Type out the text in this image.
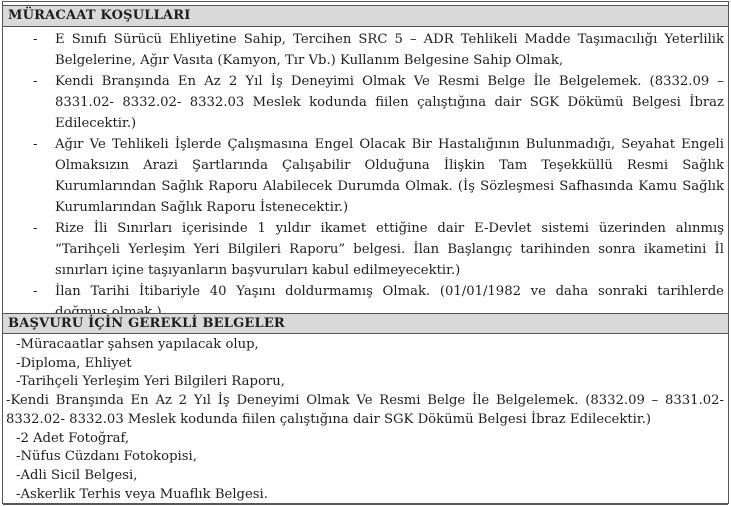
MÜRACAAT KOŞULLARI
- E Sınıfı Sürücü Ehliyetine Sahip, Tercihen SRC 5 – ADR Tehlikeli Madde Taşımacılığı Yeterlilik
Belgelerine, Ağır Vasıta (Kamyon, Tır Vb.) Kullanım Belgesine Sahip Olmak,
- Kendi Branşında En Az 2 Yıl İş Deneyimi Olmak Ve Resmi Belge İle Belgelemek. (8332.09 –
8331.02- 8332.02- 8332.03 Meslek kodunda fiilen çalıştığına dair SGK Dökümü Belgesi İbraz
Edilecektir.)
- Ağır Ve Tehlikeli İşlerde Çalışmasına Engel Olacak Bir Hastalığının Bulunmadığı, Seyahat Engeli
Olmaksızın Arazi Şartlarında Çalışabilir Olduğuna İlişkin Tam Teşekküllü Resmi Sağlık
Kurumlarından Sağlık Raporu Alabilecek Durumda Olmak. (İş Sözleşmesi Safhasında Kamu Sağlık
Kurumlarından Sağlık Raporu İstenecektir.)
- Rize İli Sınırları içerisinde 1 yıldır ikamet ettiğine dair E-Devlet sistemi üzerinden alınmış
“Tarihçeli Yerleşim Yeri Bilgileri Raporu” belgesi. İlan Başlangıç tarihinden sonra ikametini İl
sınırları içine taşıyanların başvuruları kabul edilmeyecektir.)
- İlan Tarihi İtibariyle 40 Yaşını doldurmamış Olmak. (01/01/1982 ve daha sonraki tarihlerde
BAŞVURU İÇİN GEREKLİ BELGELER
-Müracaatlar şahsen yapılacak olup,
-Diploma, Ehliyet
-Tarihçeli Yerleşim Yeri Bilgileri Raporu,
-Kendi Branşında En Az 2 Yıl İş Deneyimi Olmak Ve Resmi Belge İle Belgelemek. (8332.09 – 8331.02-
8332.02- 8332.03 Meslek kodunda fiilen çalıştığına dair SGK Dökümü Belgesi İbraz Edilecektir.)
-2 Adet Fotoğraf,
-Nüfus Cüzdanı Fotokopisi,
-Adli Sicil Belgesi,
-Askerlik Terhis veya Muaflık Belgesi.
